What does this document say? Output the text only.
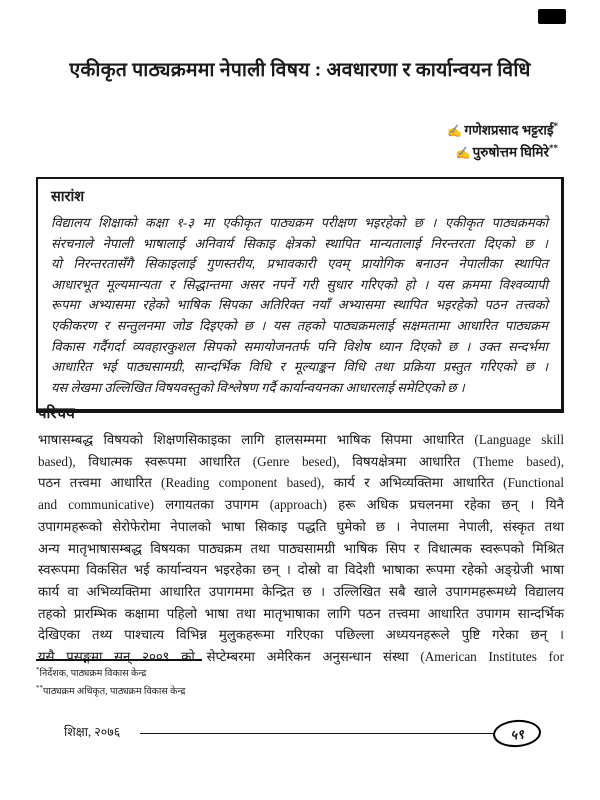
एकीकृत पाठ्यक्रममा नेपाली विषय : अवधारणा र कार्यान्वयन विधि
✍ गणेशप्रसाद भट्टराई*
✍ पुरुषोत्तम घिमिरे**
सारांश
विद्यालय शिक्षाको कक्षा १-३ मा एकीकृत पाठ्यक्रम परीक्षण भइरहेको छ । एकीकृत पाठ्यक्रमको
संरचनाले नेपाली भाषालाई अनिवार्य सिकाइ क्षेत्रको स्थापित मान्यतालाई निरन्तरता दिएको छ ।
यो निरन्तरतासँगै सिकाइलाई गुणस्तरीय, प्रभावकारी एवम् प्रायोगिक बनाउन नेपालीका स्थापित
आधारभूत मूल्यमान्यता र सिद्धान्तमा असर नपर्ने गरी सुधार गरिएको हो । यस क्रममा विश्वव्यापी
रूपमा अभ्यासमा रहेको भाषिक सिपका अतिरिक्त नयाँ अभ्यासमा स्थापित भइरहेको पठन तत्त्वको
एकीकरण र सन्तुलनमा जोड दिइएको छ । यस तहको पाठ्यक्रमलाई सक्षमतामा आधारित पाठ्यक्रम
विकास गर्दैगर्दा व्यवहारकुशल सिपको समायोजनतर्फ पनि विशेष ध्यान दिएको छ । उक्त सन्दर्भमा
आधारित भई पाठ्यसामग्री, सान्दर्भिक विधि र मूल्याङ्कन विधि तथा प्रक्रिया प्रस्तुत गरिएको छ ।
यस लेखमा उल्लिखित विषयवस्तुको विश्लेषण गर्दै कार्यान्वयनका आधारलाई समेटिएको छ ।
परिचय
भाषासम्बद्ध विषयको शिक्षणसिकाइका लागि हालसम्ममा भाषिक सिपमा आधारित (Language skill
based), विधात्मक स्वरूपमा आधारित (Genre besed), विषयक्षेत्रमा आधारित (Theme based),
पठन तत्त्वमा आधारित (Reading component based), कार्य र अभिव्यक्तिमा आधारित (Functional
and communicative) लगायतका उपागम (approach) हरू अधिक प्रचलनमा रहेका छन् । यिनै
उपागमहरूको सेरोफेरोमा नेपालको भाषा सिकाइ पद्धति घुमेको छ । नेपालमा नेपाली, संस्कृत तथा
अन्य मातृभाषासम्बद्ध विषयका पाठ्यक्रम तथा पाठ्यसामग्री भाषिक सिप र विधात्मक स्वरूपको मिश्रित
स्वरूपमा विकसित भई कार्यान्वयन भइरहेका छन् । दोस्रो वा विदेशी भाषाका रूपमा रहेको अङ्ग्रेजी भाषा
कार्य वा अभिव्यक्तिमा आधारित उपागममा केन्द्रित छ । उल्लिखित सबै खाले उपागमहरूमध्ये विद्यालय
तहको प्रारम्भिक कक्षामा पहिलो भाषा तथा मातृभाषाका लागि पठन तत्त्वमा आधारित उपागम सान्दर्भिक
देखिएका तथ्य पाश्चात्य विभिन्न मुलुकहरूमा गरिएका पछिल्ला अध्ययनहरूले पुष्टि गरेका छन् ।
यसै प्रसङ्गमा सन् २००९ को सेप्टेम्बरमा अमेरिकन अनुसन्धान संस्था (American Institutes for
*निर्देशक, पाठ्यक्रम विकास केन्द्र
**पाठ्यक्रम अधिकृत, पाठ्यक्रम विकास केन्द्र
शिक्षा, २०७६	५९
